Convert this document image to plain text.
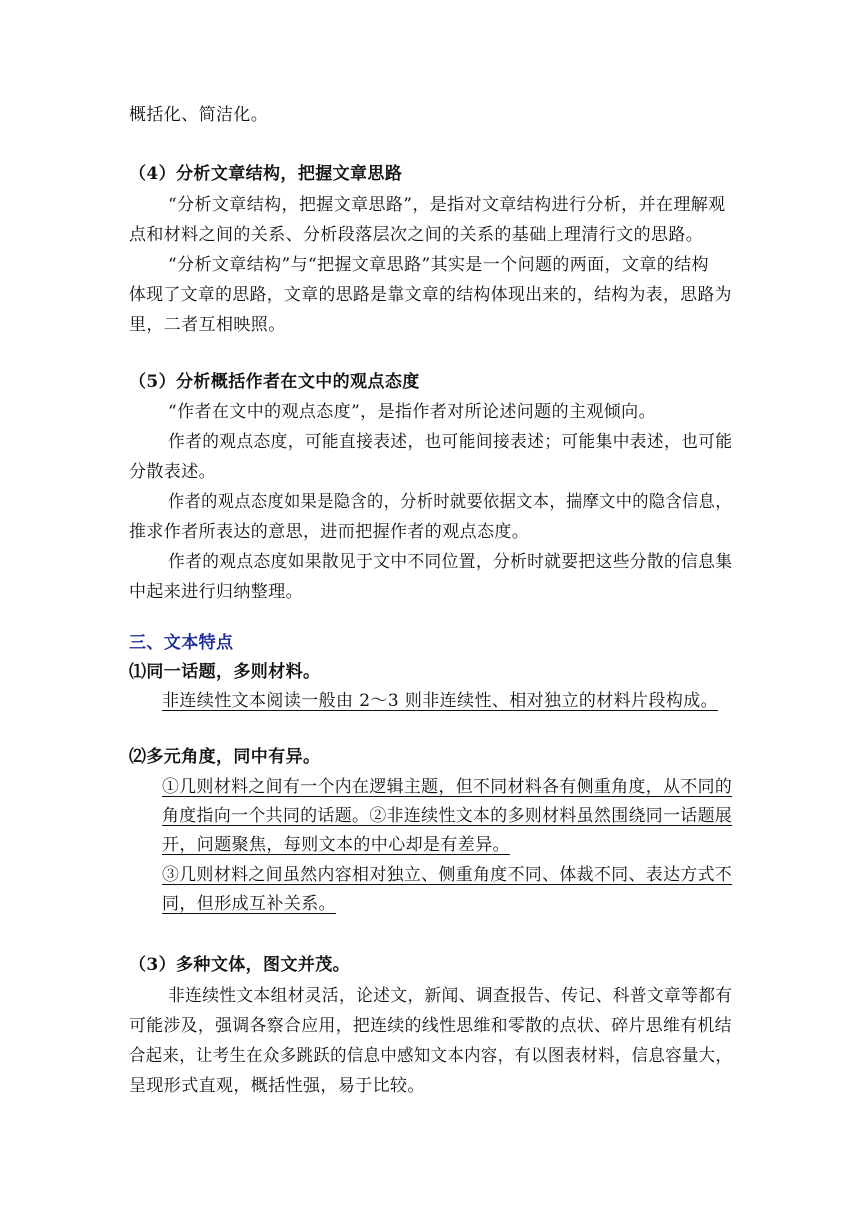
概括化、简洁化。
（4）分析文章结构，把握文章思路
“分析文章结构，把握文章思路”，是指对文章结构进行分析，并在理解观
点和材料之间的关系、分析段落层次之间的关系的基础上理清行文的思路。
“分析文章结构”与“把握文章思路”其实是一个问题的两面，文章的结构
体现了文章的思路，文章的思路是靠文章的结构体现出来的，结构为表，思路为
里，二者互相映照。
（5）分析概括作者在文中的观点态度
“作者在文中的观点态度”，是指作者对所论述问题的主观倾向。
作者的观点态度，可能直接表述，也可能间接表述；可能集中表述，也可能
分散表述。
作者的观点态度如果是隐含的，分析时就要依据文本，揣摩文中的隐含信息，
推求作者所表达的意思，进而把握作者的观点态度。
作者的观点态度如果散见于文中不同位置，分析时就要把这些分散的信息集
中起来进行归纳整理。
三、文本特点
⑴同一话题，多则材料。
非连续性文本阅读一般由 2～3 则非连续性、相对独立的材料片段构成。
⑵多元角度，同中有异。
①几则材料之间有一个内在逻辑主题，但不同材料各有侧重角度，从不同的
角度指向一个共同的话题。②非连续性文本的多则材料虽然围绕同一话题展
开，问题聚焦，每则文本的中心却是有差异。
③几则材料之间虽然内容相对独立、侧重角度不同、体裁不同、表达方式不
同，但形成互补关系。
（3）多种文体，图文并茂。
非连续性文本组材灵活，论述文，新闻、调查报告、传记、科普文章等都有
可能涉及，强调各察合应用，把连续的线性思维和零散的点状、碎片思维有机结
合起来，让考生在众多跳跃的信息中感知文本内容，有以图表材料，信息容量大，
呈现形式直观，概括性强，易于比较。
